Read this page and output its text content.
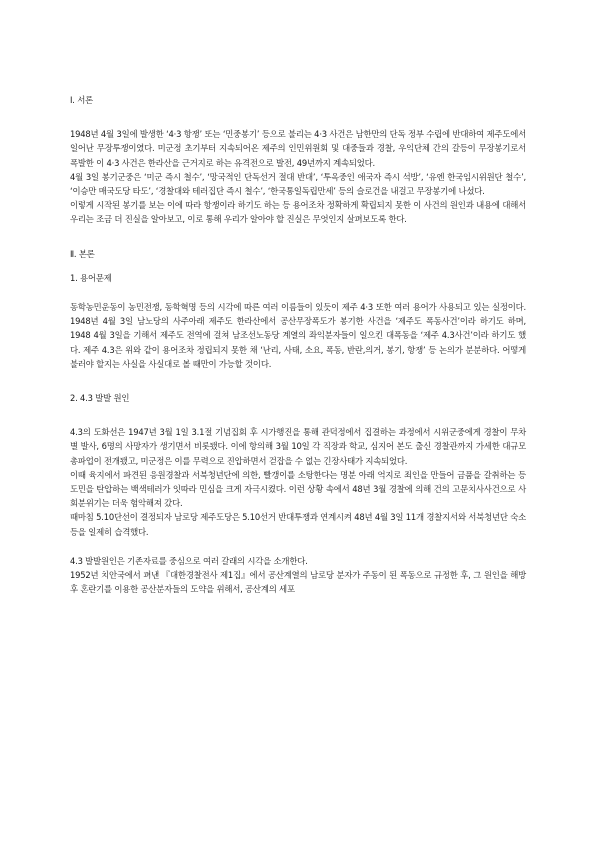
Ⅰ. 서론

1948년 4월 3일에 발생한 ‘4·3 항쟁’ 또는 ‘민중봉기’ 등으로 불리는 4·3 사건은 남한만의 단독 정부 수립에 반대하여 제주도에서 일어난 무장투쟁이였다. 미군정 초기부터 지속되어온 제주의 인민위원회 및 대중들과 경찰, 우익단체 간의 갈등이 무장봉기로서 폭발한 이 4·3 사건은 한라산을 근거지로 하는 유격전으로 발전, 49년까지 계속되었다.

4월 3일 봉기군중은 ‘미군 즉시 철수’, ‘망국적인 단독선거 절대 반대’, ‘투옥중인 애국자 즉시 석방’, ‘유엔 한국임시위원단 철수’, ‘이승만 매국도당 타도’, ‘경찰대와 테러집단 즉시 철수’, ‘한국통일독립만세’ 등의 슬로건을 내걸고 무장봉기에 나섰다.

이렇게 시작된 봉기를 보는 이에 따라 항쟁이라 하기도 하는 등 용어조차 정확하게 확립되지 못한 이 사건의 원인과 내용에 대해서 우리는 조금 더 진실을 알아보고, 이로 통해 우리가 알아야 할 진실은 무엇인지 살펴보도록 한다.

Ⅱ. 본론

1. 용어문제

동학농민운동이 농민전쟁, 동학혁명 등의 시각에 따른 여러 이름들이 있듯이 제주 4·3 또한 여러 용어가 사용되고 있는 실정이다. 1948년 4월 3일 남노당의 사주아래 제주도 한라산에서 공산무장폭도가 봉기한 사건을 ‘제주도 폭동사건’이라 하기도 하며, 1948 4월 3일을 기해서 제주도 전역에 걸쳐 남조선노동당 계열의 좌익분자들이 일으킨 대폭동을 ‘제주 4.3사건’이라 하기도 했다. 제주 4.3은 위와 같이 용어조차 정립되지 못한 채 ‘난리, 사태, 소요, 폭동, 반란,의거, 봉기, 항쟁’ 등 논의가 분분하다. 어떻게 불러야 할지는 사실을 사실대로 볼 때만이 가능할 것이다.

2. 4.3 발발 원인

4.3의 도화선은 1947년 3월 1일 3.1절 기념집회 후 시가행진을 통해 관덕정에서 집결하는 과정에서 시위군중에게 경찰이 무차별 발사, 6명의 사망자가 생기면서 비롯됐다. 이에 항의해 3월 10일 각 직장과 학교, 심지어 본도 출신 경찰관까지 가세한 대규모 총파업이 전개됐고, 미군정은 이를 무력으로 진압하면서 걷잡을 수 없는 긴장사태가 지속되었다.

이때 육지에서 파견된 응원경찰과 서북청년단에 의한, 빨갱이를 소탕한다는 명분 아래 억지로 죄인을 만들어 금품을 갈취하는 등 도민을 탄압하는 백색테러가 잇따라 민심을 크게 자극시켰다. 이런 상황 속에서 48년 3월 경찰에 의해 건의 고문치사사건으로 사회분위기는 더욱 험악해져 갔다.

때마침 5.10단선이 결정되자 남로당 제주도당은 5.10선거 반대투쟁과 연계시켜 48년 4월 3일 11개 경찰지서와 서북청년단 숙소 등을 일제히 습격했다.

4.3 발발원인은 기존자료를 중심으로 여러 갈래의 시각을 소개한다.

1952년 치안국에서 펴낸 『대한경찰전사 제1집』에서 공산계열의 남로당 분자가 주동이 된 폭동으로 규정한 후, 그 원인을 해방 후 혼란기를 이용한 공산분자들의 도약을 위해서, 공산계의 세포
